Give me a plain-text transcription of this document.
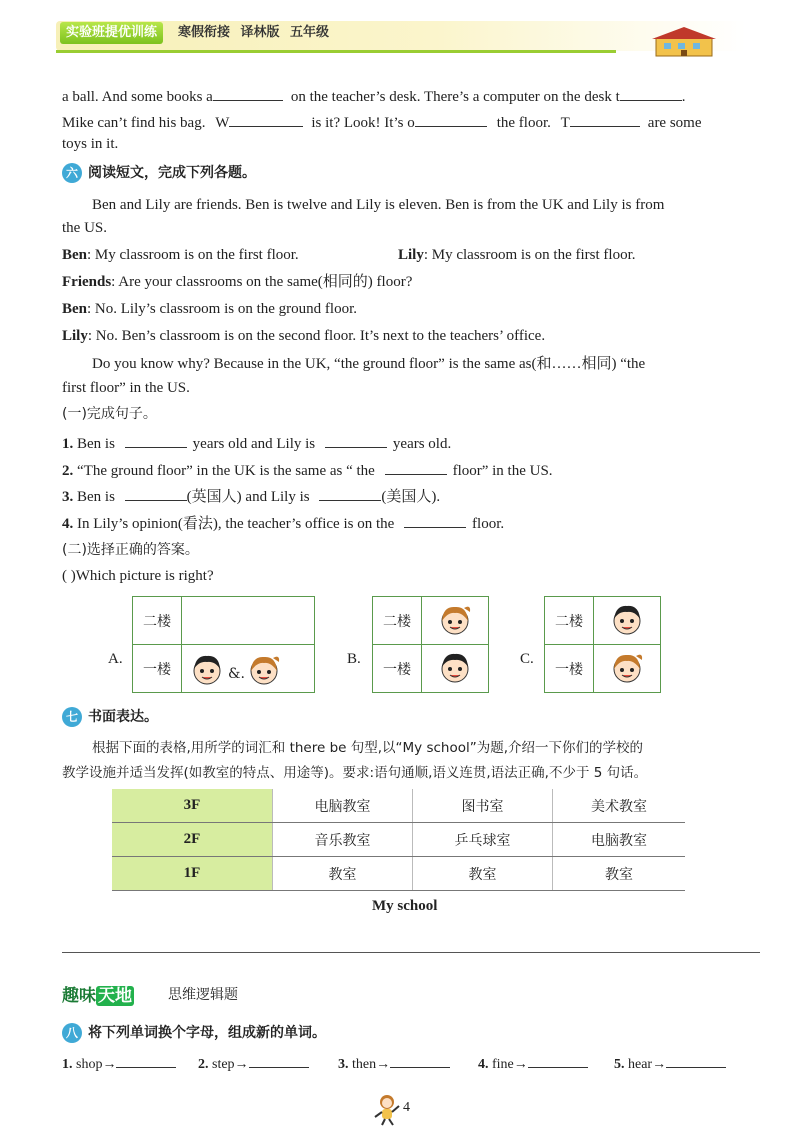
实验班提优训练	寒假衔接 译林版 五年级
a ball. And some books a	on the teacher’s desk. There’s a computer on the desk t	.
Mike can’t find his bag. W	is it? Look! It’s o	the floor. T	are some
toys in it.
六 阅读短文，完成下列各题。
Ben and Lily are friends. Ben is twelve and Lily is eleven. Ben is from the UK and Lily is from
the US.
Ben: My classroom is on the first floor.	Lily: My classroom is on the first floor.
Friends: Are your classrooms on the same(相同的) floor?
Ben: No. Lily’s classroom is on the ground floor.
Lily: No. Ben’s classroom is on the second floor. It’s next to the teachers’ office.
Do you know why? Because in the UK, “the ground floor” is the same as(和……相同) “the
first floor” in the US.
(一)完成句子。
1. Ben is	years old and Lily is	years old.
2. “The ground floor” in the UK is the same as “ the	floor” in the US.
3. Ben is	(英国人) and Lily is	(美国人).
4. In Lily’s opinion(看法), the teacher’s office is on the	floor.
(二)选择正确的答案。
( )Which picture is right?
A.
二楼	
一楼	&.
B.
二楼	
一楼	
C.
二楼	
一楼	
七 书面表达。
根据下面的表格,用所学的词汇和 there be 句型,以“My school”为题,介绍一下你们的学校的
教学设施并适当发挥(如教室的特点、用途等)。要求:语句通顺,语义连贯,语法正确,不少于 5 句话。
3F	电脑教室	图书室	美术教室
2F	音乐教室	乒乓球室	电脑教室
1F	教室	教室	教室
My school
趣味 天地	思维逻辑题
八 将下列单词换个字母，组成新的单词。
1. shop→	2. step→	3. then→	4. fine→	5. hear→
4
